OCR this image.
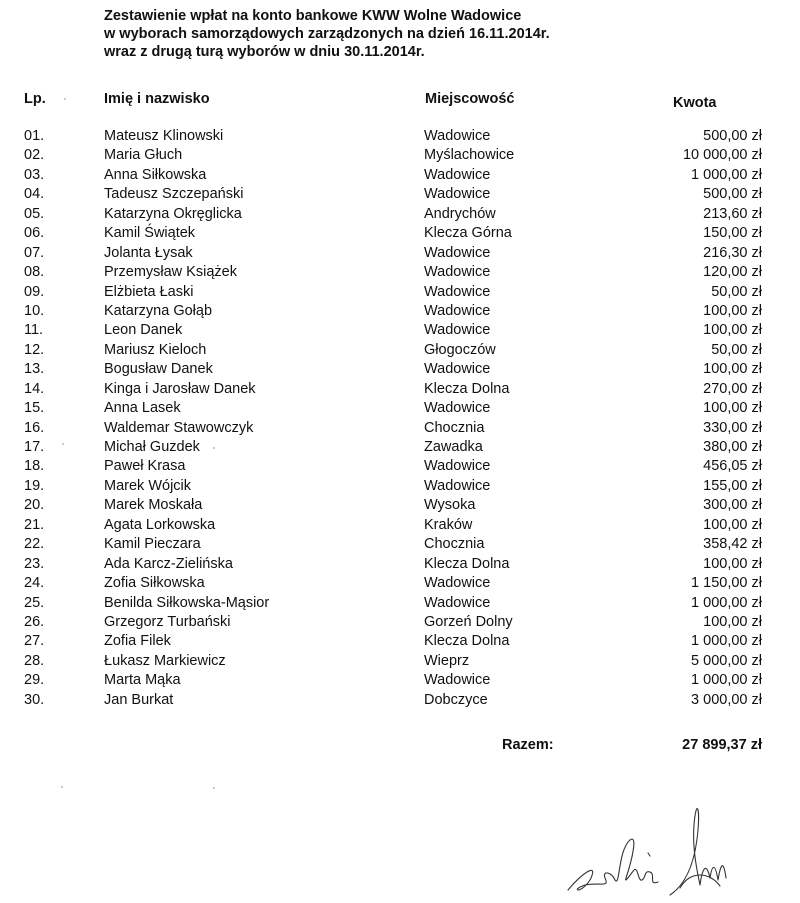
Zestawienie wpłat na konto bankowe KWW Wolne Wadowice
w wyborach samorządowych zarządzonych na dzień 16.11.2014r.
wraz z drugą turą wyborów w dniu 30.11.2014r.
Lp.	Imię i nazwisko	Miejscowość	Kwota
01.	Mateusz Klinowski	Wadowice	500,00 zł
02.	Maria Głuch	Myślachowice	10 000,00 zł
03.	Anna Siłkowska	Wadowice	1 000,00 zł
04.	Tadeusz Szczepański	Wadowice	500,00 zł
05.	Katarzyna Okręglicka	Andrychów	213,60 zł
06.	Kamil Świątek	Klecza Górna	150,00 zł
07.	Jolanta Łysak	Wadowice	216,30 zł
08.	Przemysław Książek	Wadowice	120,00 zł
09.	Elżbieta Łaski	Wadowice	50,00 zł
10.	Katarzyna Gołąb	Wadowice	100,00 zł
11.	Leon Danek	Wadowice	100,00 zł
12.	Mariusz Kieloch	Głogoczów	50,00 zł
13.	Bogusław Danek	Wadowice	100,00 zł
14.	Kinga i Jarosław Danek	Klecza Dolna	270,00 zł
15.	Anna Lasek	Wadowice	100,00 zł
16.	Waldemar Stawowczyk	Chocznia	330,00 zł
17.	Michał Guzdek	Zawadka	380,00 zł
18.	Paweł Krasa	Wadowice	456,05 zł
19.	Marek Wójcik	Wadowice	155,00 zł
20.	Marek Moskała	Wysoka	300,00 zł
21.	Agata Lorkowska	Kraków	100,00 zł
22.	Kamil Pieczara	Chocznia	358,42 zł
23.	Ada Karcz-Zielińska	Klecza Dolna	100,00 zł
24.	Zofia Siłkowska	Wadowice	1 150,00 zł
25.	Benilda Siłkowska-Mąsior	Wadowice	1 000,00 zł
26.	Grzegorz Turbański	Gorzeń Dolny	100,00 zł
27.	Zofia Filek	Klecza Dolna	1 000,00 zł
28.	Łukasz Markiewicz	Wieprz	5 000,00 zł
29.	Marta Mąka	Wadowice	1 000,00 zł
30.	Jan Burkat	Dobczyce	3 000,00 zł
Razem:	27 899,37 zł
